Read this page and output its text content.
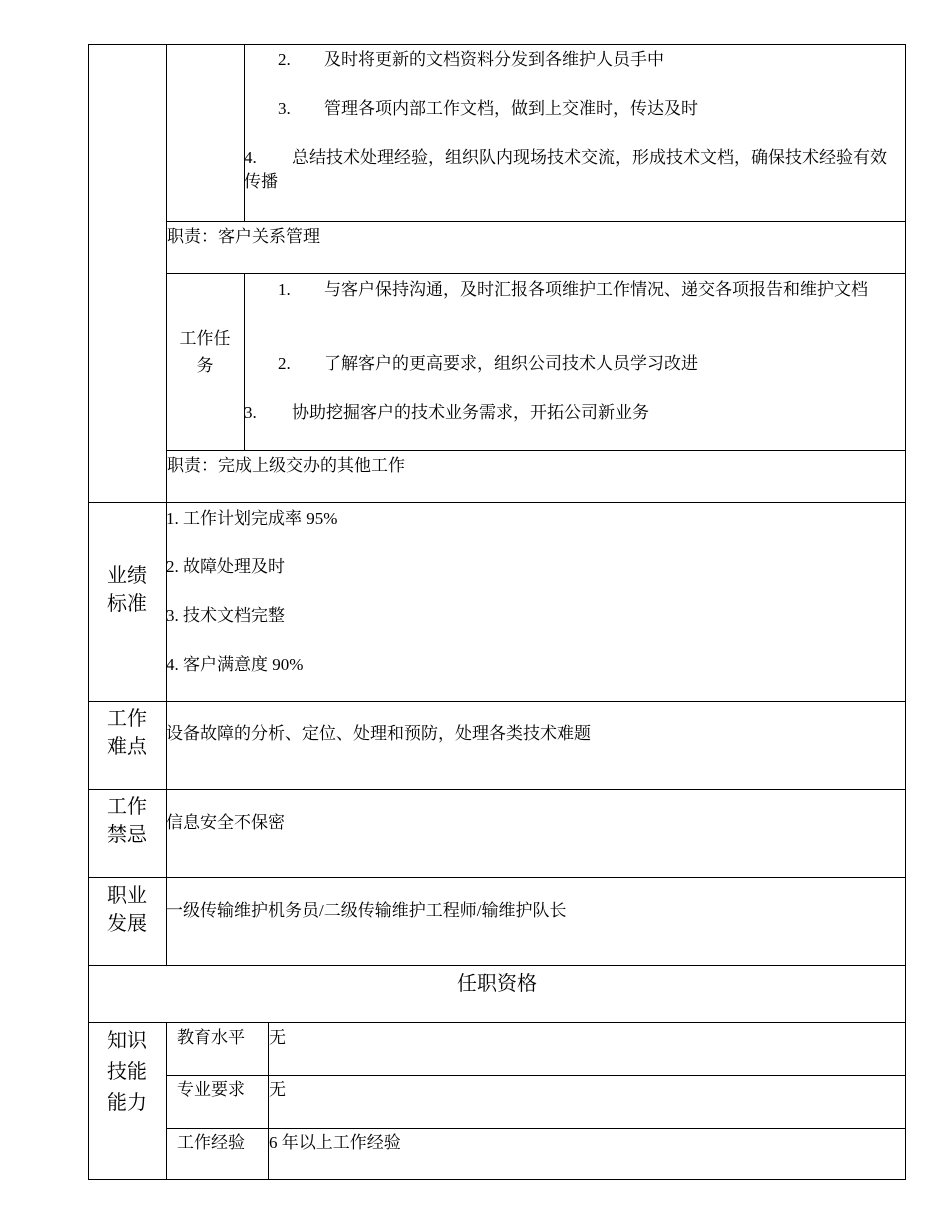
2. 及时将更新的文档资料分发到各维护人员手中
3. 管理各项内部工作文档，做到上交准时，传达及时
4.	总结技术处理经验，组织队内现场技术交流，形成技术文档，确保技术经验有效传播
职责：客户关系管理
工作任务
1. 与客户保持沟通，及时汇报各项维护工作情况、递交各项报告和维护文档
2. 了解客户的更高要求，组织公司技术人员学习改进
3. 协助挖掘客户的技术业务需求，开拓公司新业务
职责：完成上级交办的其他工作
业绩标准
1. 工作计划完成率 95%
2. 故障处理及时
3. 技术文档完整
4. 客户满意度 90%
工作难点
设备故障的分析、定位、处理和预防，处理各类技术难题
工作禁忌
信息安全不保密
职业发展
一级传输维护机务员/二级传输维护工程师/输维护队长
任职资格
知识技能能力
教育水平 无
专业要求 无
工作经验 6 年以上工作经验
